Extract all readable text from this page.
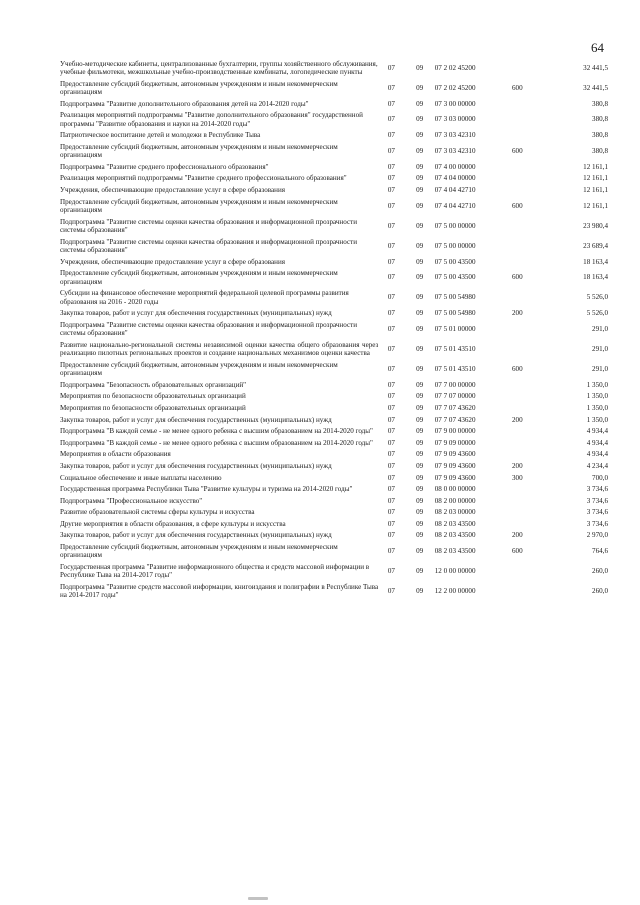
64
Учебно-методические кабинеты, централизованные бухгалтерии, группы хозяйственного обслуживания, учебные фильмотеки, межшкольные учебно-производственные комбинаты, логопедические пункты	07	09	07 2 02 45200		32 441,5
Предоставление субсидий бюджетным, автономным учреждениям и иным некоммерческим организациям	07	09	07 2 02 45200	600	32 441,5
Подпрограмма "Развитие дополнительного образования детей на 2014-2020 годы"	07	09	07 3 00 00000		380,8
Реализация мероприятий подпрограммы "Развитие дополнительного образования" государственной программы "Развитие образования и науки на 2014-2020 годы"	07	09	07 3 03 00000		380,8
Патриотическое воспитание детей и молодежи в Республике Тыва	07	09	07 3 03 42310		380,8
Предоставление субсидий бюджетным, автономным учреждениям и иным некоммерческим организациям	07	09	07 3 03 42310	600	380,8
Подпрограмма "Развитие среднего профессионального образования"	07	09	07 4 00 00000		12 161,1
Реализация мероприятий подпрограммы "Развитие среднего профессионального образования"	07	09	07 4 04 00000		12 161,1
Учреждения, обеспечивающие предоставление услуг в сфере образования	07	09	07 4 04 42710		12 161,1
Предоставление субсидий бюджетным, автономным учреждениям и иным некоммерческим организациям	07	09	07 4 04 42710	600	12 161,1
Подпрограмма "Развитие системы оценки качества образования и информационной прозрачности системы образования"	07	09	07 5 00 00000		23 980,4
Подпрограмма "Развитие системы оценки качества образования и информационной прозрачности системы образования"	07	09	07 5 00 00000		23 689,4
Учреждения, обеспечивающие предоставление услуг в сфере образования	07	09	07 5 00 43500		18 163,4
Предоставление субсидий бюджетным, автономным учреждениям и иным некоммерческим организациям	07	09	07 5 00 43500	600	18 163,4
Субсидии на финансовое обеспечение мероприятий федеральной целевой программы развития образования на 2016 - 2020 годы	07	09	07 5 00 54980		5 526,0
Закупка товаров, работ и услуг для обеспечения государственных (муниципальных) нужд	07	09	07 5 00 54980	200	5 526,0
Подпрограмма "Развитие системы оценки качества образования и информационной прозрачности системы образования"	07	09	07 5 01 00000		291,0
Развитие национально-региональной системы независимой оценки качества общего образования через реализацию пилотных региональных проектов и создание национальных механизмов оценки качества	07	09	07 5 01 43510		291,0
Предоставление субсидий бюджетным, автономным учреждениям и иным некоммерческим организациям	07	09	07 5 01 43510	600	291,0
Подпрограмма "Безопасность образовательных организаций"	07	09	07 7 00 00000		1 350,0
Мероприятия по безопасности образовательных организаций	07	09	07 7 07 00000		1 350,0
Мероприятия по безопасности образовательных организаций	07	09	07 7 07 43620		1 350,0
Закупка товаров, работ и услуг для обеспечения государственных (муниципальных) нужд	07	09	07 7 07 43620	200	1 350,0
Подпрограмма "В каждой семье - не менее одного ребенка с высшим образованием на 2014-2020 годы"	07	09	07 9 00 00000		4 934,4
Подпрограмма "В каждой семье - не менее одного ребенка с высшим образованием на 2014-2020 годы"	07	09	07 9 09 00000		4 934,4
Мероприятия в области образования	07	09	07 9 09 43600		4 934,4
Закупка товаров, работ и услуг для обеспечения государственных (муниципальных) нужд	07	09	07 9 09 43600	200	4 234,4
Социальное обеспечение и иные выплаты населению	07	09	07 9 09 43600	300	700,0
Государственная программа Республики Тыва "Развитие культуры и туризма на 2014-2020 годы"	07	09	08 0 00 00000		3 734,6
Подпрограмма "Профессиональное искусство"	07	09	08 2 00 00000		3 734,6
Развитие образовательной системы сферы культуры и искусства	07	09	08 2 03 00000		3 734,6
Другие мероприятия в области образования, в сфере культуры и искусства	07	09	08 2 03 43500		3 734,6
Закупка товаров, работ и услуг для обеспечения государственных (муниципальных) нужд	07	09	08 2 03 43500	200	2 970,0
Предоставление субсидий бюджетным, автономным учреждениям и иным некоммерческим организациям	07	09	08 2 03 43500	600	764,6
Государственная программа "Развитие информационного общества и средств массовой информации в Республике Тыва на 2014-2017 годы"	07	09	12 0 00 00000		260,0
Подпрограмма "Развитие средств массовой информации, книгоиздания и полиграфии в Республике Тыва на 2014-2017 годы"	07	09	12 2 00 00000		260,0
